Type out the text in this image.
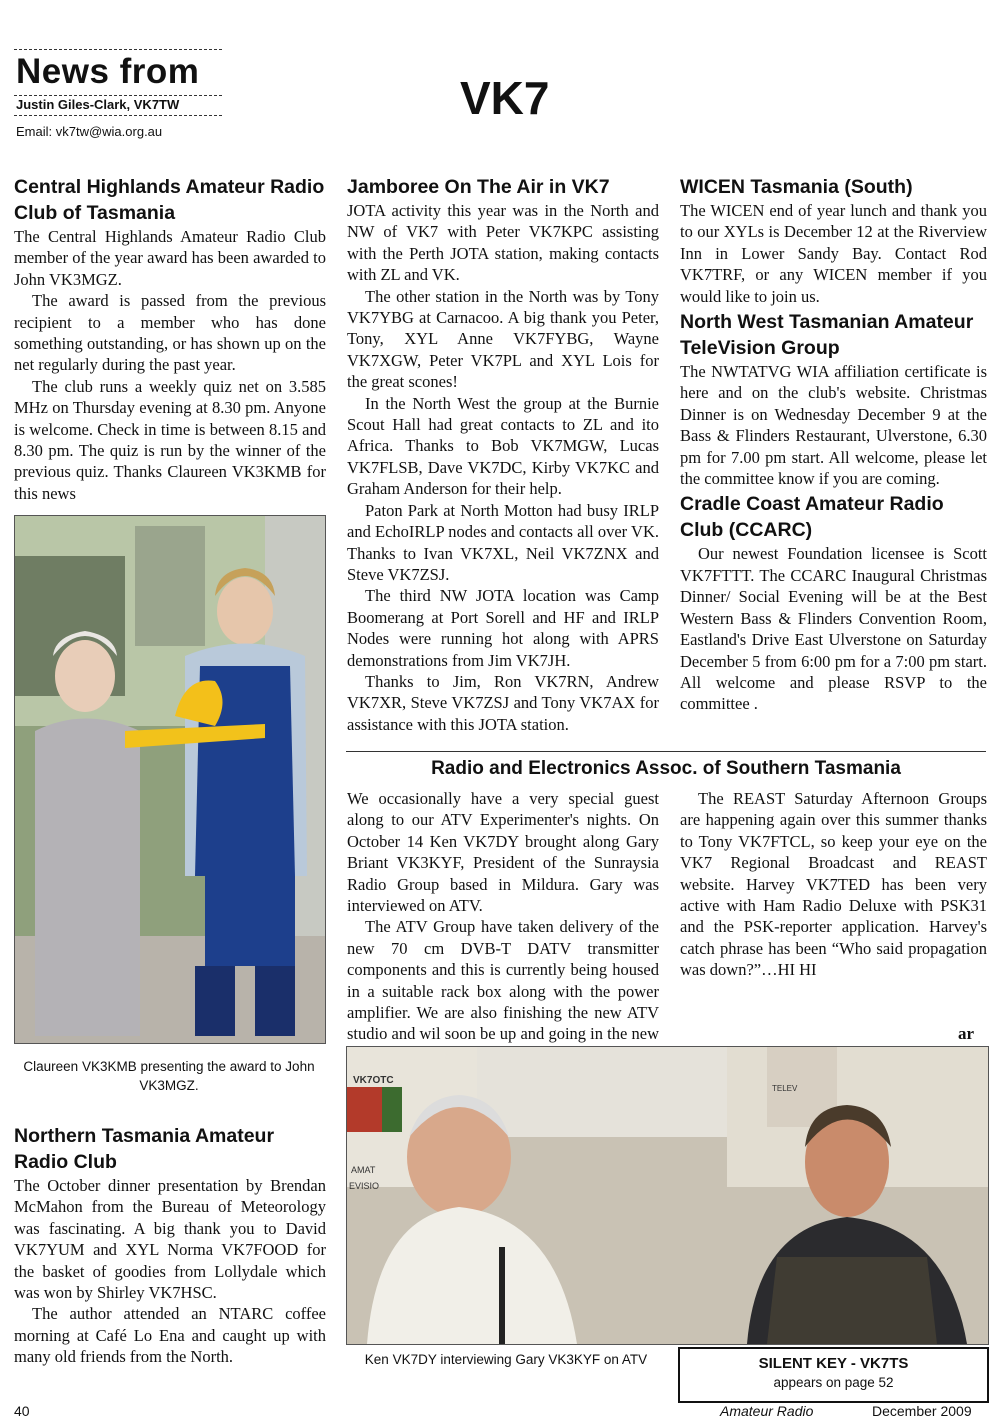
News from
Justin Giles-Clark, VK7TW
Email: vk7tw@wia.org.au
VK7
Central Highlands Amateur Radio Club of Tasmania

The Central Highlands Amateur Radio Club member of the year award has been awarded to John VK3MGZ.

The award is passed from the previous recipient to a member who has done something outstanding, or has shown up on the net regularly during the past year.

The club runs a weekly quiz net on 3.585 MHz on Thursday evening at 8.30 pm. Anyone is welcome. Check in time is between 8.15 and 8.30 pm. The quiz is run by the winner of the previous quiz. Thanks Claureen VK3KMB for this news

Claureen VK3KMB presenting the award to John VK3MGZ.
Northern Tasmania Amateur Radio Club

The October dinner presentation by Brendan McMahon from the Bureau of Meteorology was fascinating. A big thank you to David VK7YUM and XYL Norma VK7FOOD for the basket of goodies from Lollydale which was won by Shirley VK7HSC.

The author attended an NTARC coffee morning at Café Lo Ena and caught up with many old friends from the North.

Jamboree On The Air in VK7

JOTA activity this year was in the North and NW of VK7 with Peter VK7KPC assisting with the Perth JOTA station, making contacts with ZL and VK.

The other station in the North was by Tony VK7YBG at Carnacoo. A big thank you Peter, Tony, XYL Anne VK7FYBG, Wayne VK7XGW, Peter VK7PL and XYL Lois for the great scones!

In the North West the group at the Burnie Scout Hall had great contacts to ZL and ito Africa. Thanks to Bob VK7MGW, Lucas VK7FLSB, Dave VK7DC, Kirby VK7KC and Graham Anderson for their help.

Paton Park at North Motton had busy IRLP and EchoIRLP nodes and contacts all over VK. Thanks to Ivan VK7XL, Neil VK7ZNX and Steve VK7ZSJ.

The third NW JOTA location was Camp Boomerang at Port Sorell and HF and IRLP Nodes were running hot along with APRS demonstrations from Jim VK7JH.

Thanks to Jim, Ron VK7RN, Andrew VK7XR, Steve VK7ZSJ and Tony VK7AX for assistance with this JOTA station.

WICEN Tasmania (South)

The WICEN end of year lunch and thank you to our XYLs is December 12 at the Riverview Inn in Lower Sandy Bay. Contact Rod VK7TRF, or any WICEN member if you would like to join us.

North West Tasmanian Amateur TeleVision Group

The NWTATVG WIA affiliation certificate is here and on the club's website. Christmas Dinner is on Wednesday December 9 at the Bass & Flinders Restaurant, Ulverstone, 6.30 pm for 7.00 pm start. All welcome, please let the committee know if you are coming.

Cradle Coast Amateur Radio Club (CCARC)

Our newest Foundation licensee is Scott VK7FTTT. The CCARC Inaugural Christmas Dinner/ Social Evening will be at the Best Western Bass & Flinders Convention Room, Eastland's Drive East Ulverstone on Saturday December 5 from 6:00 pm for a 7:00 pm start. All welcome and please RSVP to the committee .

Radio and Electronics Assoc. of Southern Tasmania

We occasionally have a very special guest along to our ATV Experimenter's nights. On October 14 Ken VK7DY brought along Gary Briant VK3KYF, President of the Sunraysia Radio Group based in Mildura. Gary was interviewed on ATV.

The ATV Group have taken delivery of the new 70 cm DVB-T DATV transmitter components and this is currently being housed in a suitable rack box along with the power amplifier. We are also finishing the new ATV studio and wil soon be up and going in the new

The REAST Saturday Afternoon Groups are happening again over this summer thanks to Tony VK7FTCL, so keep your eye on the VK7 Regional Broadcast and REAST website. Harvey VK7TED has been very active with Ham Radio Deluxe with PSK31 and the PSK-reporter application. Harvey's catch phrase has been “Who said propagation was down?”…HI HI

ar
VK7OTC
AMAT
EVISIO
TELEV
Ken VK7DY interviewing Gary VK3KYF on ATV	SILENT KEY - VK7TS
appears on page 52
40	Amateur Radio	December 2009
